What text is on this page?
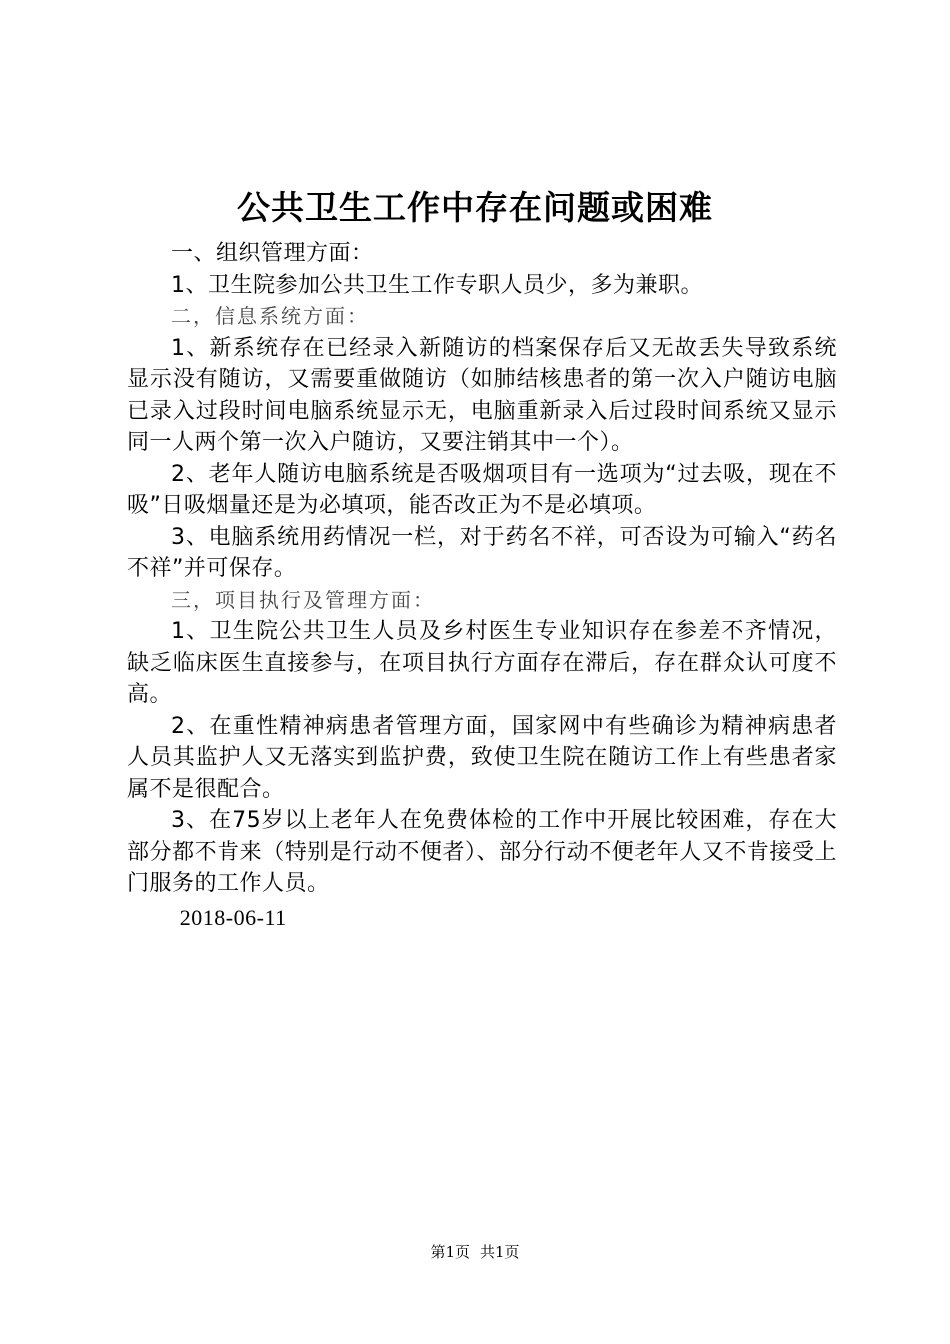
公共卫生工作中存在问题或困难

一、组织管理方面：

1、卫生院参加公共卫生工作专职人员少，多为兼职。

二，信息系统方面：

1、新系统存在已经录入新随访的档案保存后又无故丢失导致系统显示没有随访，又需要重做随访（如肺结核患者的第一次入户随访电脑已录入过段时间电脑系统显示无，电脑重新录入后过段时间系统又显示同一人两个第一次入户随访，又要注销其中一个）。

2、老年人随访电脑系统是否吸烟项目有一选项为“过去吸，现在不吸”日吸烟量还是为必填项，能否改正为不是必填项。

3、电脑系统用药情况一栏，对于药名不祥，可否设为可输入“药名不祥”并可保存。

三，项目执行及管理方面：

1、卫生院公共卫生人员及乡村医生专业知识存在参差不齐情况，缺乏临床医生直接参与，在项目执行方面存在滞后，存在群众认可度不高。

2、在重性精神病患者管理方面，国家网中有些确诊为精神病患者人员其监护人又无落实到监护费，致使卫生院在随访工作上有些患者家属不是很配合。

3、在75岁以上老年人在免费体检的工作中开展比较困难，存在大部分都不肯来（特别是行动不便者）、部分行动不便老年人又不肯接受上门服务的工作人员。

2018-06-11

第1页 共1页
